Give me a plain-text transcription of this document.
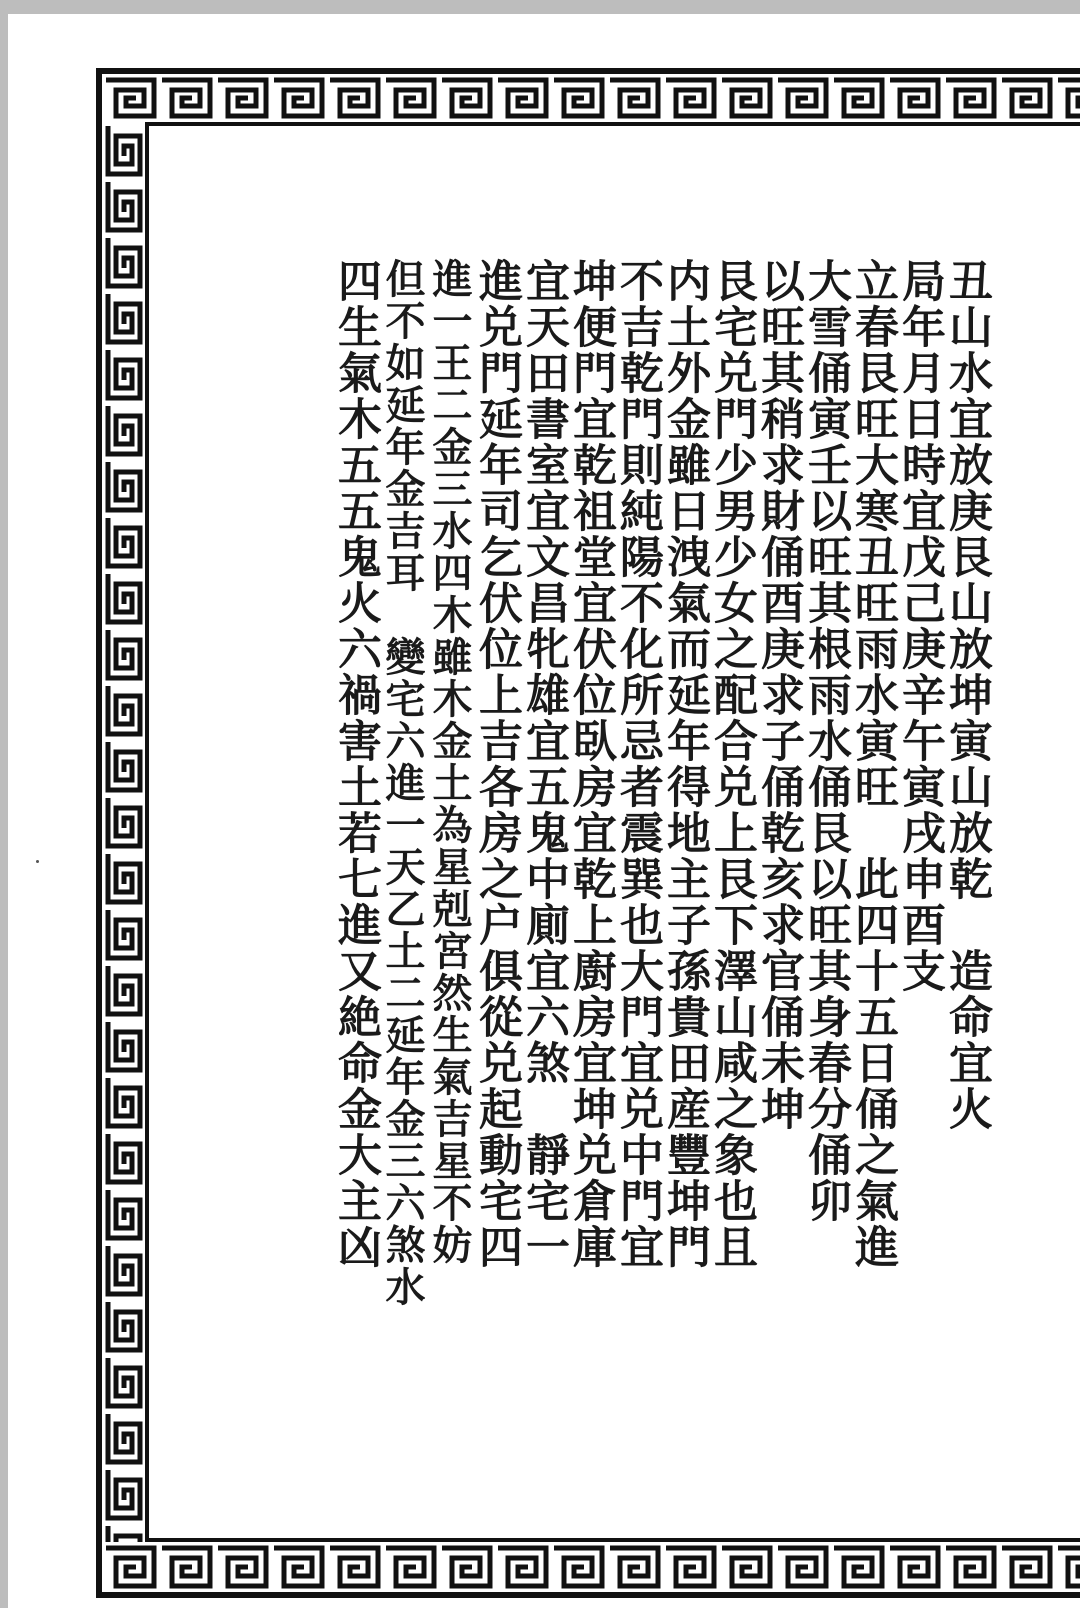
丑山水宜放庚艮山放坤寅山放乾　造命宜火
局年月日時宜戊己庚辛午寅戌申酉支
立春艮旺大寒丑旺雨水寅旺　此四十五日俑之氣進
大雪俑寅壬以旺其根雨水俑艮以旺其身春分俑卯
以旺其稍求財俑酉庚求子俑乾亥求官俑未坤
艮宅兑門少男少女之配合兑上艮下澤山咸之象也且
内土外金雖日洩氣而延年得地主子孫貴田産豐坤門
不吉乾門則純陽不化所忌者震巽也大門宜兑中門宜
坤便門宜乾祖堂宜伏位臥房宜乾上廚房宜坤兑倉庫
宜天田書室宜文昌牝雄宜五鬼中廁宜六煞　靜宅一
進兑門延年司乞伏位上吉各房之户俱從兑起動宅四
進一王二金三水四木雖木金土為星剋宮然生氣吉星不妨
但不如延年金吉耳　變宅六進一天乙土二延年金三六煞水
四生氣木五五鬼火六禍害土若七進又絶命金大主凶
